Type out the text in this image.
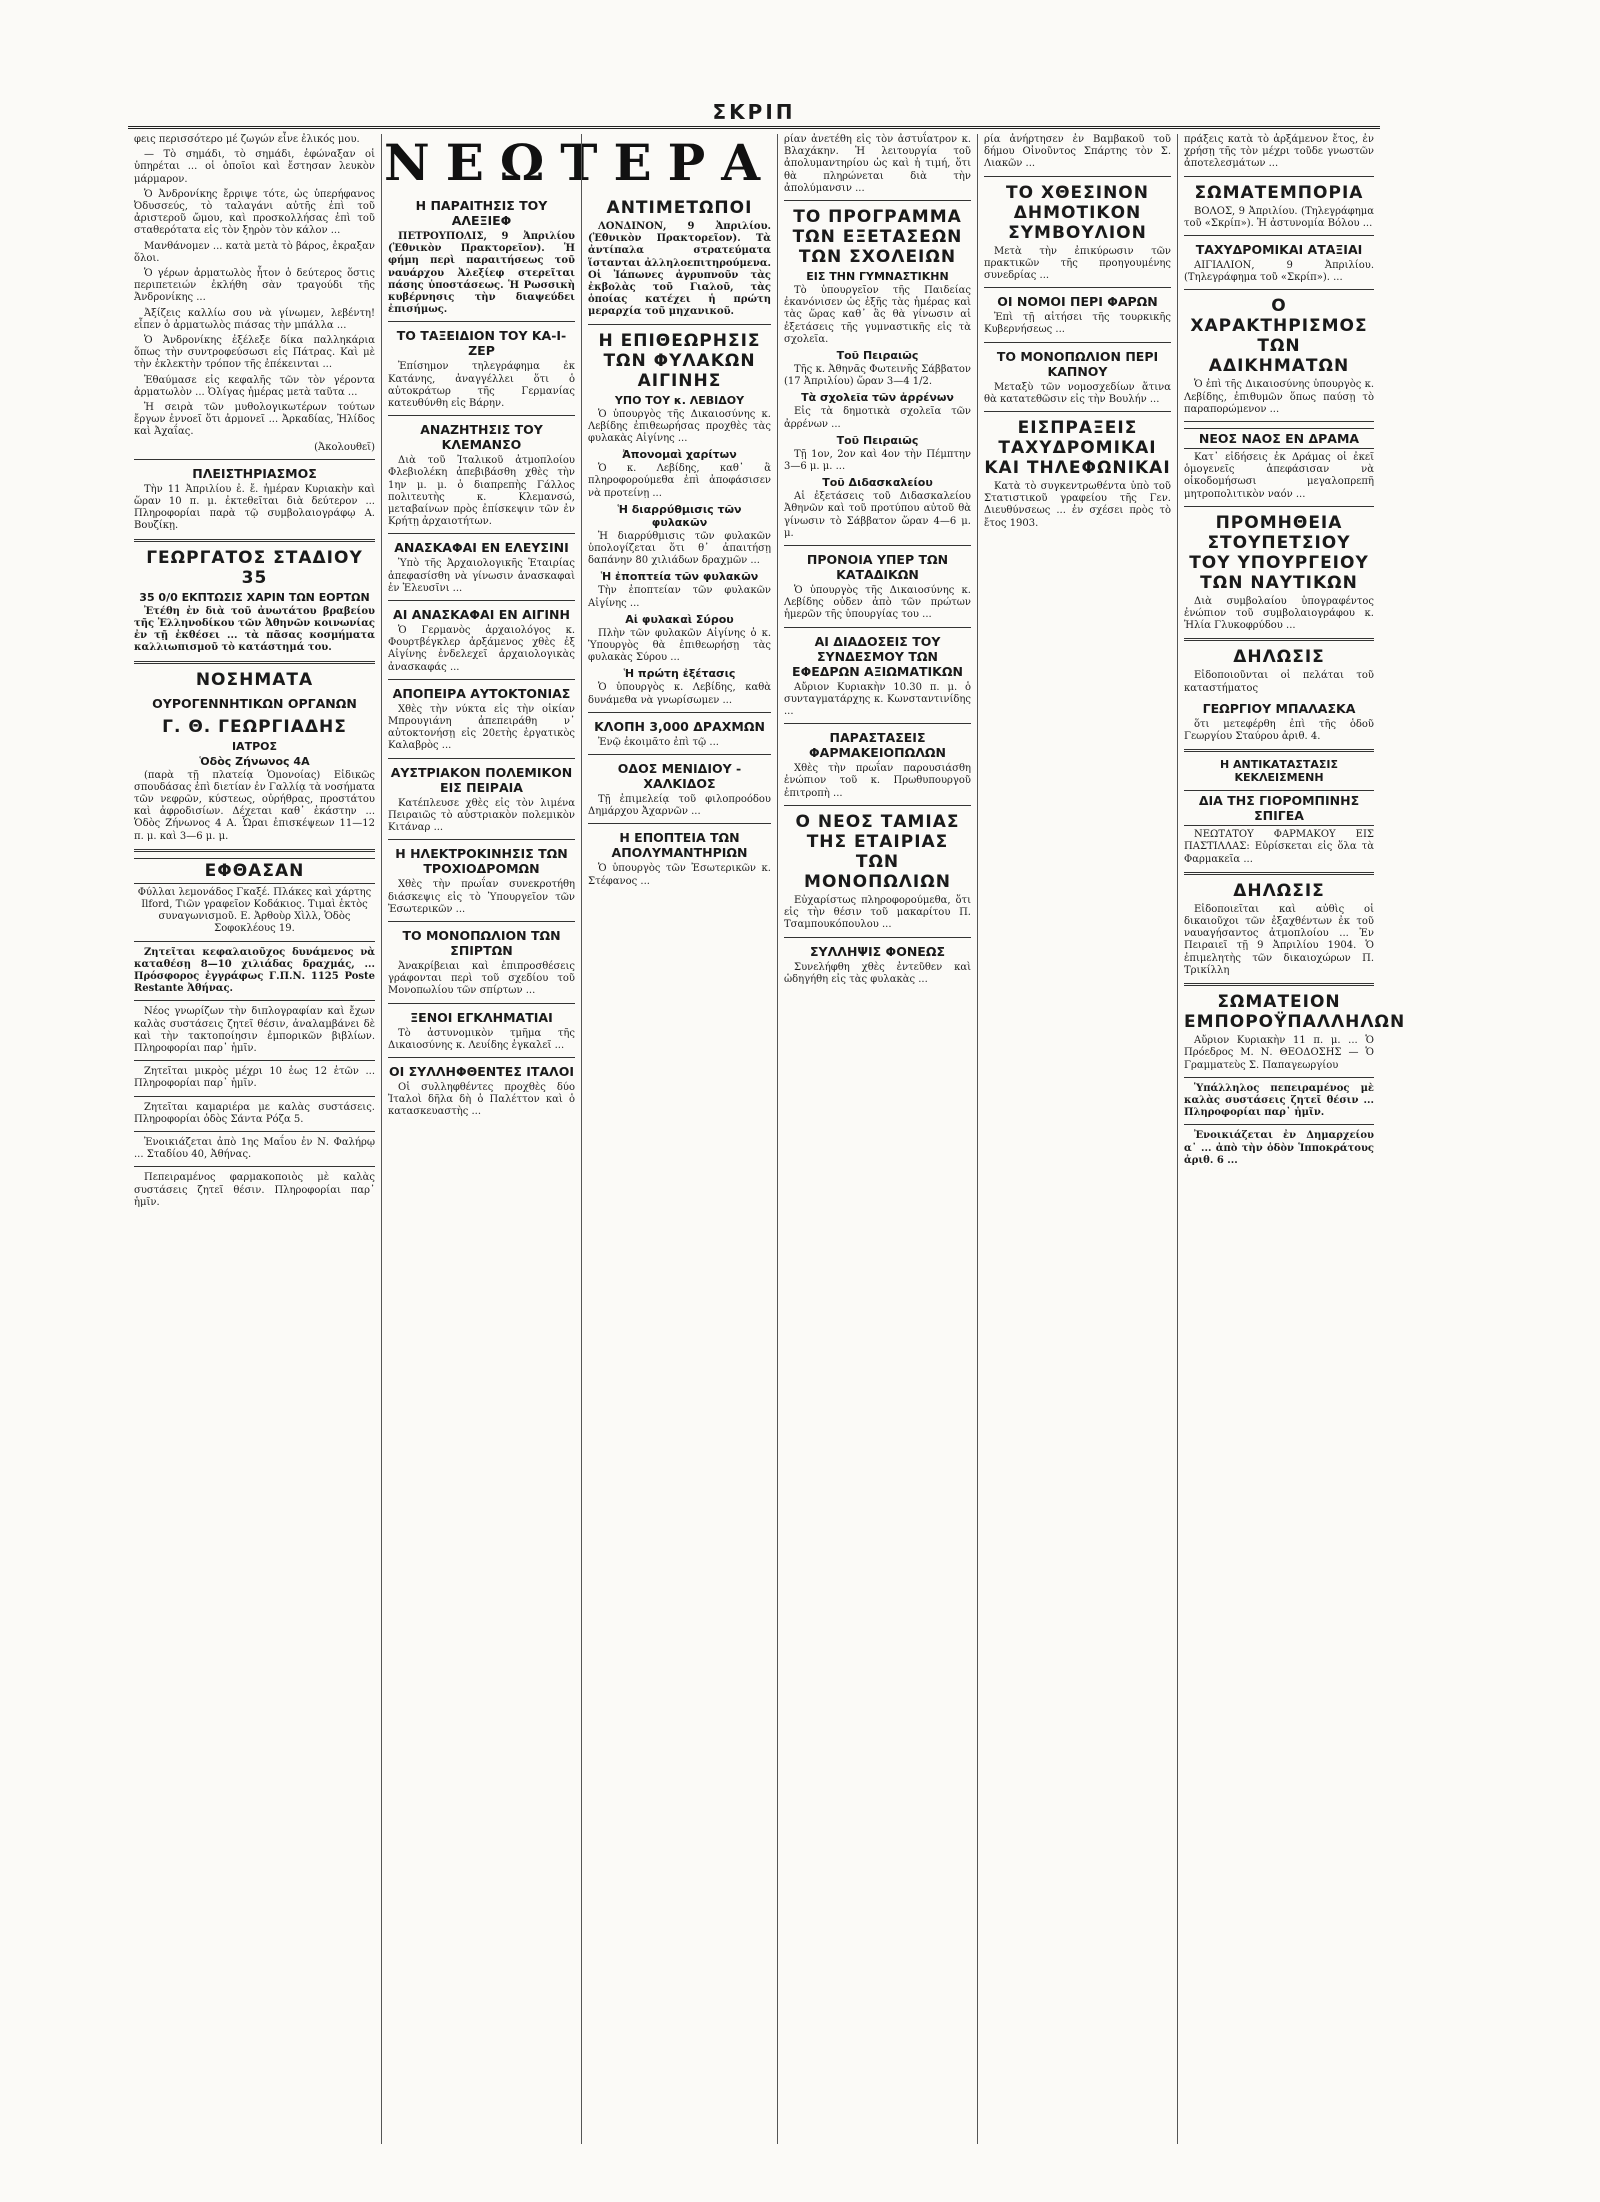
ΣΚΡΙΠ
ΝΕΩΤΕΡΑ

φεις περισσότερο μέ ζωγών εἶνε ἐλικός μου.

— Τὸ σημάδι, τὸ σημάδι, ἐφώναξαν οἱ ὑπηρέται ... οἱ ὁποῖοι καὶ ἔστησαν λευκὸν μάρμαρον.

Ὁ Ἀνδρονίκης ἔρριψε τότε, ὡς ὑπερήφανος Ὀδυσσεύς, τὸ ταλαγάνι αὐτῆς ἐπὶ τοῦ ἀριστεροῦ ὤμου, καὶ προσκολλήσας ἐπὶ τοῦ σταθερότατα εἰς τὸν ξηρὸν τὸν κάλον ...

Μανθάνομεν ... κατὰ μετὰ τὸ βάρος, ἐκραξαν ὅλοι.

Ὁ γέρων ἀρματωλὸς ἦτον ὁ δεύτερος ὅστις περιπετειών ἐκλήθη σὰν τραγούδι τῆς Ἀνδρονίκης ...

Ἀξίζεις καλλίω σου νὰ γίνωμεν, λεβέντη! εἶπεν ὁ ἀρματωλὸς πιάσας τὴν μπάλλα ...

Ὁ Ἀνδρονίκης ἐξέλεξε δίκα παλληκάρια ὅπως τὴν συντροφεύσωσι εἰς Πάτρας. Καὶ μὲ τὴν ἐκλεκτὴν τρόπον τῆς ἐπέκεινται ...

Ἐθαύμασε εἰς κεφαλῆς τῶν τὸν γέροντα ἀρματωλὸν ... Ὀλίγας ἡμέρας μετὰ ταῦτα ...

Ἡ σειρὰ τῶν μυθολογικωτέρων τούτων ἔργων ἐννοεῖ ὅτι ἀρμονεῖ ... Ἀρκαδίας, Ἠλίδος καὶ Ἀχαΐας.

(Ἀκολουθεῖ)

ΠΛΕΙΣΤΗΡΙΑΣΜΟΣ

Τὴν 11 Ἀπριλίου ἐ. ἔ. ἡμέραν Κυριακὴν καὶ ὥραν 10 π. μ. ἐκτεθεῖται διὰ δεύτερον ... Πληροφορίαι παρὰ τῷ συμβολαιογράφῳ Α. Βουζίκῃ.

ΓΕΩΡΓΑΤΟΣ ΣΤΑΔΙΟΥ 35
35 0/0 ΕΚΠΤΩΣΙΣ ΧΑΡΙΝ ΤΩΝ ΕΟΡΤΩΝ

Ἐτέθη ἐν διὰ τοῦ ἀνωτάτου βραβείου τῆς Ἑλληνοδίκου τῶν Ἀθηνῶν κοινωνίας ἐν τῇ ἐκθέσει ... τὰ πᾶσας κοσμήματα καλλιωπισμοῦ τὸ κατάστημά του.

ΝΟΣΗΜΑΤΑ
ΟΥΡΟΓΕΝΝΗΤΙΚΩΝ ΟΡΓΑΝΩΝ
Γ. Θ. ΓΕΩΡΓΙΑΔΗΣ
ΙΑΤΡΟΣ
Ὁδὸς Ζήνωνος 4Α

(παρὰ τῇ πλατείᾳ Ὁμονοίας) Εἰδικῶς σπουδάσας ἐπὶ διετίαν ἐν Γαλλίᾳ τὰ νοσήματα τῶν νεφρῶν, κύστεως, οὐρήθρας, προστάτου καὶ ἀφροδισίων. Δέχεται καθ᾽ ἑκάστην ... Ὁδὸς Ζήνωνος 4 Α. Ὧραι ἐπισκέψεων 11—12 π. μ. καὶ 3—6 μ. μ.

ΕΦΘΑΣΑΝ

Φύλλαι λεμονάδος Γκαξέ. Πλάκες καὶ χάρτης Ilford, Τιῶν γραφεῖον Κοδάκιος. Τιμαὶ ἐκτὸς συναγωνισμοῦ. Ε. Ἀρθοὺρ Χὶλλ, Ὁδὸς Σοφοκλέους 19.

Ζητεῖται κεφαλαιοῦχος δυνάμενος νὰ καταθέσῃ 8—10 χιλιάδας δραχμάς, ... Πρόσφορος ἐγγράφως Γ.Π.Ν. 1125 Poste Restante Ἀθήνας.

Νέος γνωρίζων τὴν διπλογραφίαν καὶ ἔχων καλὰς συστάσεις ζητεῖ θέσιν, ἀναλαμβάνει δὲ καὶ τὴν τακτοποίησιν ἐμπορικῶν βιβλίων. Πληροφορίαι παρ᾽ ἡμῖν.

Ζητεῖται μικρὸς μέχρι 10 ἑως 12 ἐτῶν ... Πληροφορίαι παρ᾽ ἡμῖν.

Ζητεῖται καμαριέρα με καλὰς συστάσεις. Πληροφορίαι ὁδὸς Σάντα Ρόζα 5.

Ἐνοικιάζεται ἀπὸ 1ης Μαΐου ἐν Ν. Φαλήρῳ ... Σταδίου 40, Ἀθήνας.

Πεπειραμένος φαρμακοποιὸς μὲ καλὰς συστάσεις ζητεῖ θέσιν. Πληροφορίαι παρ᾽ ἡμῖν.

Η ΠΑΡΑΙΤΗΣΙΣ ΤΟΥ ΑΛΕΞΙΕΦ

ΠΕΤΡΟΥΠΟΛΙΣ, 9 Ἀπριλίου (Ἐθνικὸν Πρακτορεῖον). Ἡ φήμη περὶ παραιτήσεως τοῦ ναυάρχου Ἀλεξίεφ στερεῖται πάσης ὑποστάσεως. Ἡ Ρωσσικὴ κυβέρνησις τὴν διαψεύδει ἐπισήμως.

ΤΟ ΤΑΞΕΙΔΙΟΝ ΤΟΥ ΚΑ-Ι-ΖΕΡ

Ἐπίσημον τηλεγράφημα ἐκ Κατάνης, ἀναγγέλλει ὅτι ὁ αὐτοκράτωρ τῆς Γερμανίας κατευθύνθη εἰς Βάρην.

ΑΝΑΖΗΤΗΣΙΣ ΤΟΥ ΚΛΕΜΑΝΣΟ

Διὰ τοῦ Ἰταλικοῦ ἀτμοπλοίου Φλεβιολέκη ἀπεβιβάσθη χθὲς τὴν 1ην μ. μ. ὁ διαπρεπὴς Γάλλος πολιτευτὴς κ. Κλεμανσώ, μεταβαίνων πρὸς ἐπίσκεψιν τῶν ἐν Κρήτῃ ἀρχαιοτήτων.

ΑΝΑΣΚΑΦΑΙ ΕΝ ΕΛΕΥΣΙΝΙ

Ὑπὸ τῆς Ἀρχαιολογικῆς Ἑταιρίας ἀπεφασίσθη νὰ γίνωσιν ἀνασκαφαὶ ἐν Ἐλευσῖνι ...

ΑΙ ΑΝΑΣΚΑΦΑΙ ΕΝ ΑΙΓΙΝΗ

Ὁ Γερμανὸς ἀρχαιολόγος κ. Φουρτβέγκλερ ἀρξάμενος χθὲς ἐξ Αἰγίνης ἐνδελεχεῖ ἀρχαιολογικὰς ἀνασκαφάς ...

ΑΠΟΠΕΙΡΑ ΑΥΤΟΚΤΟΝΙΑΣ

Χθὲς τὴν νύκτα εἰς τὴν οἰκίαν Μπρουγιάνη ἀπεπειράθη ν᾽ αὐτοκτονήσῃ εἰς 20ετὴς ἐργατικὸς Καλαβρὸς ...

ΑΥΣΤΡΙΑΚΟΝ ΠΟΛΕΜΙΚΟΝ ΕΙΣ ΠΕΙΡΑΙΑ

Κατέπλευσε χθὲς εἰς τὸν λιμένα Πειραιῶς τὸ αὐστριακὸν πολεμικὸν Κιτάναρ ...

Η ΗΛΕΚΤΡΟΚΙΝΗΣΙΣ ΤΩΝ ΤΡΟΧΙΟΔΡΟΜΩΝ

Χθὲς τὴν πρωΐαν συνεκροτήθη διάσκεψις εἰς τὸ Ὑπουργεῖον τῶν Ἐσωτερικῶν ...

ΤΟ ΜΟΝΟΠΩΛΙΟΝ ΤΩΝ ΣΠΙΡΤΩΝ

Ἀνακρίβειαι καὶ ἐπιπροσθέσεις γράφονται περὶ τοῦ σχεδίου τοῦ Μονοπωλίου τῶν σπίρτων ...

ΞΕΝΟΙ ΕΓΚΛΗΜΑΤΙΑΙ

Τὸ ἀστυνομικὸν τμῆμα τῆς Δικαιοσύνης κ. Λευίδης ἐγκαλεῖ ...

ΟΙ ΣΥΛΛΗΦΘΕΝΤΕΣ ΙΤΑΛΟΙ

Οἱ συλληφθέντες προχθὲς δύο Ἰταλοὶ δῆλα δὴ ὁ Παλέττον καὶ ὁ κατασκευαστὴς ...

ΑΝΤΙΜΕΤΩΠΟΙ

ΛΟΝΔΙΝΟΝ, 9 Ἀπριλίου. (Ἐθνικὸν Πρακτορεῖον). Τὰ ἀντίπαλα στρατεύματα ἵστανται ἀλληλοεπιτηρούμενα. Οἱ Ἰάπωνες ἀγρυπνοῦν τὰς ἐκβολὰς τοῦ Γιαλοῦ, τὰς ὁποίας κατέχει ἡ πρώτη μεραρχία τοῦ μηχανικοῦ.

Η ΕΠΙΘΕΩΡΗΣΙΣ ΤΩΝ ΦΥΛΑΚΩΝ ΑΙΓΙΝΗΣ
ΥΠΟ ΤΟΥ κ. ΛΕΒΙΔΟΥ

Ὁ ὑπουργὸς τῆς Δικαιοσύνης κ. Λεβίδης ἐπιθεωρήσας προχθὲς τὰς φυλακὰς Αἰγίνης ...

Ἀπονομαὶ χαρίτων

Ὁ κ. Λεβίδης, καθ᾽ ἃ πληροφορούμεθα ἐπὶ ἀποφάσισεν νὰ προτείνῃ ...

Ἡ διαρρύθμισις τῶν φυλακῶν

Ἡ διαρρύθμισις τῶν φυλακῶν ὑπολογίζεται ὅτι θ᾽ ἀπαιτήσῃ δαπάνην 80 χιλιάδων δραχμῶν ...

Ἡ ἐποπτεία τῶν φυλακῶν

Τὴν ἐποπτείαν τῶν φυλακῶν Αἰγίνης ...

Αἱ φυλακαὶ Σύρου

Πλὴν τῶν φυλακῶν Αἰγίνης ὁ κ. Ὑπουργὸς θὰ ἐπιθεωρήσῃ τὰς φυλακὰς Σύρου ...

Ἡ πρώτη ἐξέτασις

Ὁ ὑπουργὸς κ. Λεβίδης, καθὰ δυνάμεθα νὰ γνωρίσωμεν ...

ΚΛΟΠΗ 3,000 ΔΡΑΧΜΩΝ

Ἐνῷ ἐκοιμᾶτο ἐπὶ τῷ ...

ΟΔΟΣ ΜΕΝΙΔΙΟΥ - ΧΑΛΚΙΔΟΣ

Τῇ ἐπιμελείᾳ τοῦ φιλοπροόδου Δημάρχου Ἀχαρνῶν ...

Η ΕΠΟΠΤΕΙΑ ΤΩΝ ΑΠΟΛΥΜΑΝΤΗΡΙΩΝ

Ὁ ὑπουργὸς τῶν Ἐσωτερικῶν κ. Στέφανος ...

ρίαν ἀνετέθη εἰς τὸν ἀστυΐατρον κ. Βλαχάκην. Ἡ λειτουργία τοῦ ἀπολυμαντηρίου ὡς καὶ ἡ τιμή, ὅτι θὰ πληρώνεται διὰ τὴν ἀπολύμανσιν ...

ΤΟ ΠΡΟΓΡΑΜΜΑ ΤΩΝ ΕΞΕΤΑΣΕΩΝ ΤΩΝ ΣΧΟΛΕΙΩΝ
ΕΙΣ ΤΗΝ ΓΥΜΝΑΣΤΙΚΗΝ

Τὸ ὑπουργεῖον τῆς Παιδείας ἐκανόνισεν ὡς ἑξῆς τὰς ἡμέρας καὶ τὰς ὥρας καθ᾽ ἃς θὰ γίνωσιν αἱ ἐξετάσεις τῆς γυμναστικῆς εἰς τὰ σχολεῖα.

Τοῦ Πειραιῶς

Τῆς κ. Ἀθηνᾶς Φωτεινῆς Σάββατον (17 Ἀπριλίου) ὥραν 3—4 1/2.

Τὰ σχολεῖα τῶν ἀρρένων

Εἰς τὰ δημοτικὰ σχολεῖα τῶν ἀρρένων ...

Τοῦ Πειραιῶς

Τῇ 1ον, 2ον καὶ 4ον τὴν Πέμπτην 3—6 μ. μ. ...

Τοῦ Διδασκαλείου

Αἱ ἐξετάσεις τοῦ Διδασκαλείου Ἀθηνῶν καὶ τοῦ προτύπου αὐτοῦ θὰ γίνωσιν τὸ Σάββατον ὥραν 4—6 μ. μ.

ΠΡΟΝΟΙΑ ΥΠΕΡ ΤΩΝ ΚΑΤΑΔΙΚΩΝ

Ὁ ὑπουργὸς τῆς Δικαιοσύνης κ. Λεβίδης οὐδεν ἀπὸ τῶν πρώτων ἡμερῶν τῆς ὑπουργίας του ...

ΑΙ ΔΙΑΔΟΣΕΙΣ ΤΟΥ ΣΥΝΔΕΣΜΟΥ ΤΩΝ ΕΦΕΔΡΩΝ ΑΞΙΩΜΑΤΙΚΩΝ

Αὔριον Κυριακὴν 10.30 π. μ. ὁ συνταγματάρχης κ. Κωνσταντινίδης ...

ΠΑΡΑΣΤΑΣΕΙΣ ΦΑΡΜΑΚΕΙΟΠΩΛΩΝ

Χθὲς τὴν πρωΐαν παρουσιάσθη ἐνώπιον τοῦ κ. Πρωθυπουργοῦ ἐπιτροπὴ ...

Ο ΝΕΟΣ ΤΑΜΙΑΣ ΤΗΣ ΕΤΑΙΡΙΑΣ ΤΩΝ ΜΟΝΟΠΩΛΙΩΝ

Εὐχαρίστως πληροφορούμεθα, ὅτι εἰς τὴν θέσιν τοῦ μακαρίτου Π. Τσαμπουκόπουλου ...

ΣΥΛΛΗΨΙΣ ΦΟΝΕΩΣ

Συνελήφθη χθὲς ἐντεῦθεν καὶ ὡδηγήθη εἰς τὰς φυλακὰς ...

ρία ἀνήρτησεν ἐν Βαμβακοῦ τοῦ δήμου Οἰνοῦντος Σπάρτης τὸν Σ. Λιακῶν ...

ΤΟ ΧΘΕΣΙΝΟΝ ΔΗΜΟΤΙΚΟΝ ΣΥΜΒΟΥΛΙΟΝ

Μετὰ τὴν ἐπικύρωσιν τῶν πρακτικῶν τῆς προηγουμένης συνεδρίας ...

ΟΙ ΝΟΜΟΙ ΠΕΡΙ ΦΑΡΩΝ

Ἐπὶ τῇ αἰτήσει τῆς τουρκικῆς Κυβερνήσεως ...

ΤΟ ΜΟΝΟΠΩΛΙΟΝ ΠΕΡΙ ΚΑΠΝΟΥ

Μεταξὺ τῶν νομοσχεδίων ἅτινα θὰ κατατεθῶσιν εἰς τὴν Βουλήν ...

ΕΙΣΠΡΑΞΕΙΣ ΤΑΧΥΔΡΟΜΙΚΑΙ ΚΑΙ ΤΗΛΕΦΩΝΙΚΑΙ

Κατὰ τὸ συγκεντρωθέντα ὑπὸ τοῦ Στατιστικοῦ γραφείου τῆς Γεν. Διευθύνσεως ... ἐν σχέσει πρὸς τὸ ἔτος 1903.

πράξεις κατὰ τὸ ἀρξάμενον ἔτος, ἐν χρήσῃ τῆς τὸν μέχρι τοῦδε γνωστῶν ἀποτελεσμάτων ...

ΣΩΜΑΤΕΜΠΟΡΙΑ

ΒΟΛΟΣ, 9 Ἀπριλίου. (Τηλεγράφημα τοῦ «Σκρίπ»). Ἡ ἀστυνομία Βόλου ...

ΤΑΧΥΔΡΟΜΙΚΑΙ ΑΤΑΞΙΑΙ

ΑΙΓΙΑΛΙΟΝ, 9 Ἀπριλίου. (Τηλεγράφημα τοῦ «Σκρίπ»). ...

Ο ΧΑΡΑΚΤΗΡΙΣΜΟΣ ΤΩΝ ΑΔΙΚΗΜΑΤΩΝ

Ὁ ἐπὶ τῆς Δικαιοσύνης ὑπουργὸς κ. Λεβίδης, ἐπιθυμῶν ὅπως παύσῃ τὸ παραπορώμενον ...

ΝΕΟΣ ΝΑΟΣ ΕΝ ΔΡΑΜΑ

Κατ᾽ εἰδήσεις ἐκ Δράμας οἱ ἐκεῖ ὁμογενεῖς ἀπεφάσισαν νὰ οἰκοδομήσωσι μεγαλοπρεπῆ μητροπολιτικὸν ναόν ...

ΠΡΟΜΗΘΕΙΑ ΣΤΟΥΠΕΤΣΙΟΥ ΤΟΥ ΥΠΟΥΡΓΕΙΟΥ ΤΩΝ ΝΑΥΤΙΚΩΝ

Διὰ συμβολαίου ὑπογραφέντος ἐνώπιον τοῦ συμβολαιογράφου κ. Ἠλία Γλυκοφρύδου ...

ΔΗΛΩΣΙΣ

Εἰδοποιοῦνται οἱ πελάται τοῦ καταστήματος

ΓΕΩΡΓΙΟΥ ΜΠΑΛΑΣΚΑ

ὅτι μετεφέρθη ἐπὶ τῆς ὁδοῦ Γεωργίου Σταύρου ἀριθ. 4.

Η ΑΝΤΙΚΑΤΑΣΤΑΣΙΣ ΚΕΚΛΕΙΣΜΕΝΗ
ΔΙΑ ΤΗΣ ΓΙΟΡΟΜΠΙΝΗΣ ΣΠΙΓΕΑ

ΝΕΩΤΑΤΟΥ ΦΑΡΜΑΚΟΥ ΕΙΣ ΠΑΣΤΙΛΛΑΣ: Εὑρίσκεται εἰς ὅλα τὰ Φαρμακεῖα ...

ΔΗΛΩΣΙΣ

Εἰδοποιεῖται καὶ αὐθὶς οἱ δικαιοῦχοι τῶν ἐξαχθέντων ἐκ τοῦ ναυαγήσαντος ἀτμοπλοίου ... Ἐν Πειραιεῖ τῇ 9 Ἀπριλίου 1904. Ὁ ἐπιμελητὴς τῶν δικαιοχώρων Π. Τρικίλλη

ΣΩΜΑΤΕΙΟΝ ΕΜΠΟΡΟΫΠΑΛΛΗΛΩΝ

Αὔριον Κυριακὴν 11 π. μ. ... Ὁ Πρόεδρος Μ. Ν. ΘΕΟΔΟΣΗΣ — Ὁ Γραμματεὺς Σ. Παπαγεωργίου

Ὑπάλληλος πεπειραμένος μὲ καλὰς συστάσεις ζητεῖ θέσιν ... Πληροφορίαι παρ᾽ ἡμῖν.

Ἐνοικιάζεται ἐν Δημαρχείου α᾽ ... ἀπὸ τὴν ὁδὸν Ἱπποκράτους ἀριθ. 6 ...
